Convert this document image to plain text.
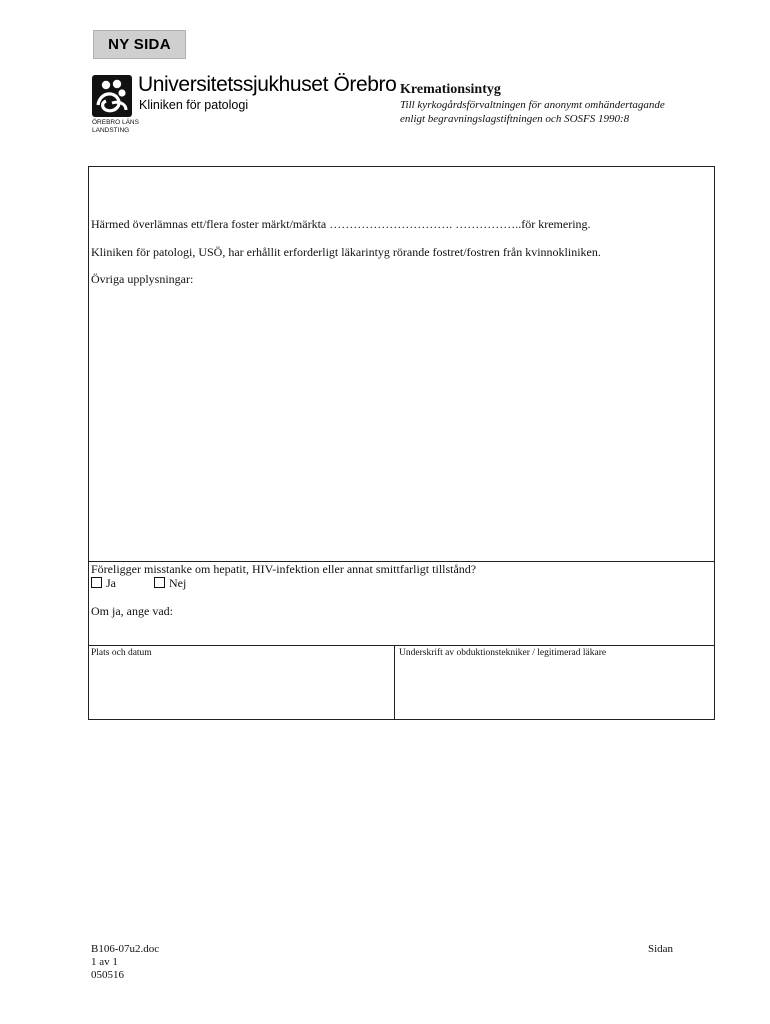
NY SIDA
ÖREBRO LÄNS
LANDSTING
Universitetssjukhuset Örebro
Kliniken för patologi
Kremationsintyg
Till kyrkogårdsförvaltningen för anonymt omhändertagande
enligt begravningslagstiftningen och SOSFS 1990:8
Härmed överlämnas ett/flera foster märkt/märkta …………………………. ……………..för kremering.
Kliniken för patologi, USÖ, har erhållit erforderligt läkarintyg rörande fostret/fostren från kvinnokliniken.
Övriga upplysningar:
Föreligger misstanke om hepatit, HIV-infektion eller annat smittfarligt tillstånd?
Ja	Nej
Om ja, ange vad:
Plats och datum	Underskrift av obduktionstekniker / legitimerad läkare
B106-07u2.doc
1 av 1
050516
Sidan
